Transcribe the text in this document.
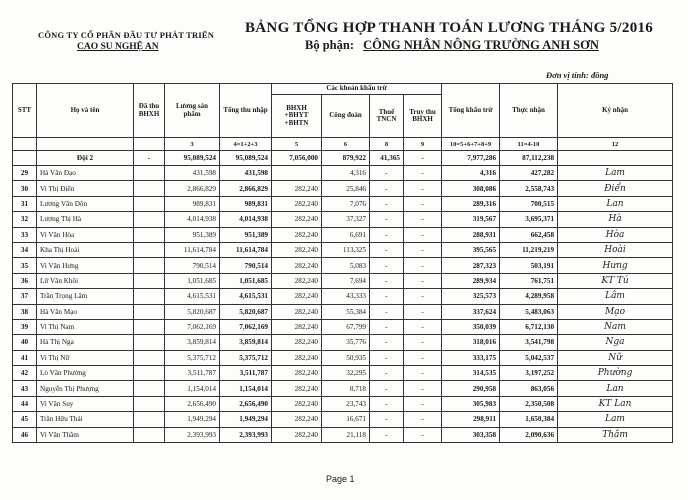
CÔNG TY CỔ PHẦN ĐẦU TƯ PHÁT TRIỂN
CAO SU NGHỆ AN
BẢNG TỔNG HỢP THANH TOÁN LƯƠNG THÁNG 5/2016
Bộ phận: CÔNG NHÂN NÔNG TRƯỜNG ANH SƠN
Đơn vị tính: đồng
STT	Họ và tên	Đã thu BHXH	Lương sản phẩm	Tổng thu nhập	Các khoản khấu trừ				Tổng khấu trừ	Thực nhận	Ký nhận
					BHXH +BHYT +BHTN	Công đoàn	Thuế TNCN	Truy thu BHXH			
			3	4=1+2+3	5	6	8	9	10=5+6+7+8+9	11=4-10	12
	Đội 2	-	95,089,524	95,089,524	7,056,000	879,922	41,365	-	7,977,286	87,112,238	
29	Hà Văn Đạo		431,598	431,598		4,316	-	-	4,316	427,282	Lam
30	Vi Thị Điển		2,866,829	2,866,829	282,240	25,846	-	-	308,086	2,558,743	Điển
31	Lương Văn Dôn		989,831	989,831	282,240	7,076	-	-	289,316	700,515	Lan
32	Lương Thị Hà		4,014,938	4,014,938	282,240	37,327	-	-	319,567	3,695,371	Hà
33	Vi Văn Hòa		951,389	951,389	282,240	6,691	-	-	288,931	662,458	Hòa
34	Kha Thị Hoài		11,614,784	11,614,784	282,240	113,325	-	-	395,565	11,219,219	Hoài
35	Vi Văn Hưng		790,514	790,514	282,240	5,083	-	-	287,323	503,191	Hưng
36	Lữ Văn Khôi		1,051,685	1,051,685	282,240	7,694	-	-	289,934	761,751	KT Tú
37	Trần Trọng Lâm		4,615,531	4,615,531	282,240	43,333	-	-	325,573	4,289,958	Lâm
38	Hà Văn Mạo		5,820,687	5,820,687	282,240	55,384	-	-	337,624	5,483,063	Mạo
39	Vi Thị Nam		7,062,169	7,062,169	282,240	67,799	-	-	350,039	6,712,130	Nam
40	Hà Thị Nga		3,859,814	3,859,814	282,240	35,776	-	-	318,016	3,541,798	Nga
41	Vi Thị Nữ		5,375,712	5,375,712	282,240	50,935	-	-	333,175	5,042,537	Nữ
42	Lò Văn Phường		3,511,787	3,511,787	282,240	32,295	-	-	314,535	3,197,252	Phường
43	Nguyễn Thị Phượng		1,154,014	1,154,014	282,240	8,718	-	-	290,958	863,056	Lan
44	Vi Văn Suy		2,656,490	2,656,490	282,240	23,743	-	-	305,983	2,350,508	KT Lan
45	Trần Hữu Thái		1,949,294	1,949,294	282,240	16,671	-	-	298,911	1,650,384	Lam
46	Vi Văn Thắm		2,393,993	2,393,993	282,240	21,118	-	-	303,358	2,090,636	Thắm
Page 1
